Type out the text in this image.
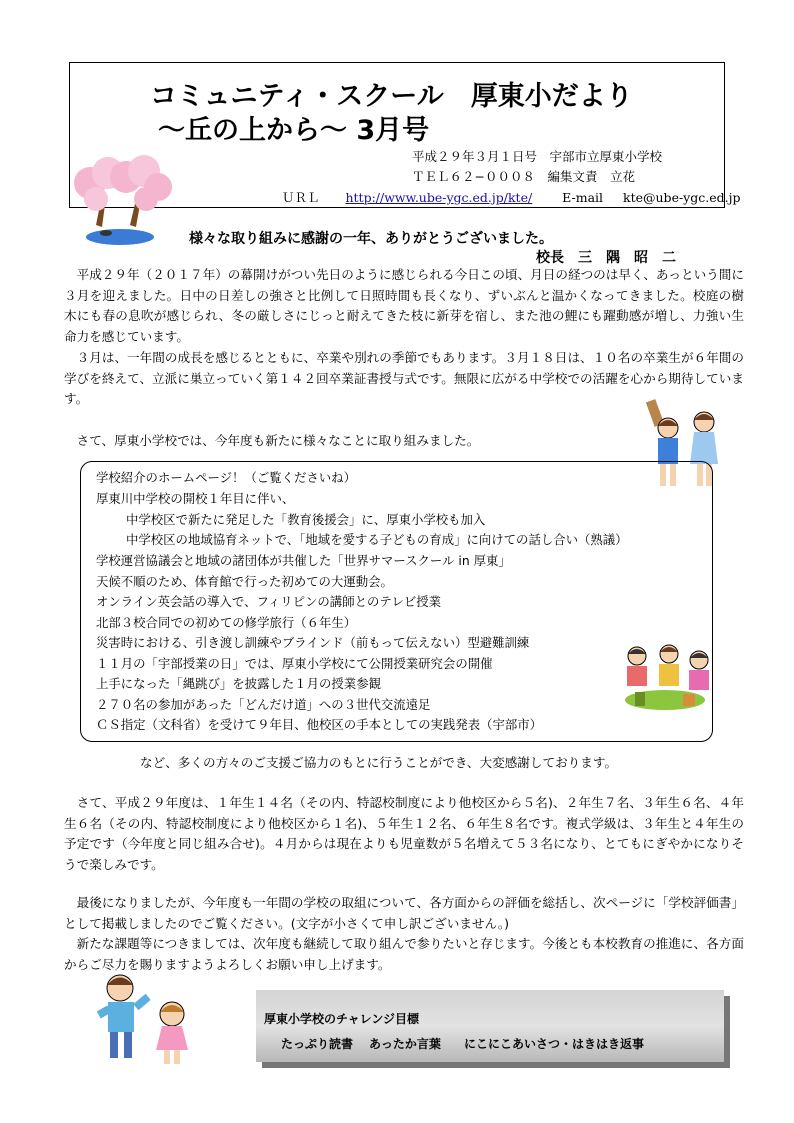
コミュニティ・スクール　厚東小だより
〜丘の上から〜 3月号
平成２９年３月１日号　宇部市立厚東小学校
ＴＥＬ６２−０００８　編集文責　立花
ＵＲＬ http://www.ube-ygc.ed.jp/kte/ E-mail kte@ube-ygc.ed.jp
様々な取り組みに感謝の一年、ありがとうございました。
校長　三　隅　昭　二
　平成２９年（２０１７年）の幕開けがつい先日のように感じられる今日この頃、月日の経つのは早く、あっという間に３月を迎えました。日中の日差しの強さと比例して日照時間も長くなり、ずいぶんと温かくなってきました。校庭の樹木にも春の息吹が感じられ、冬の厳しさにじっと耐えてきた枝に新芽を宿し、また池の鯉にも躍動感が増し、力強い生命力を感じています。
　３月は、一年間の成長を感じるとともに、卒業や別れの季節でもあります。３月１８日は、１０名の卒業生が６年間の学びを終えて、立派に巣立っていく第１４２回卒業証書授与式です。無限に広がる中学校での活躍を心から期待しています。
　さて、厚東小学校では、今年度も新たに様々なことに取り組みました。
学校紹介のホームページ！（ご覧くださいね）
厚東川中学校の開校１年目に伴い、
中学校区で新たに発足した「教育後援会」に、厚東小学校も加入
中学校区の地域協育ネットで、「地域を愛する子どもの育成」に向けての話し合い（熟議）
学校運営協議会と地域の諸団体が共催した「世界サマースクール in 厚東」
天候不順のため、体育館で行った初めての大運動会。
オンライン英会話の導入で、フィリピンの講師とのテレビ授業
北部３校合同での初めての修学旅行（６年生）
災害時における、引き渡し訓練やブラインド（前もって伝えない）型避難訓練
１１月の「宇部授業の日」では、厚東小学校にて公開授業研究会の開催
上手になった「縄跳び」を披露した１月の授業参観
２７０名の参加があった「どんだけ道」への３世代交流遠足
ＣＳ指定（文科省）を受けて９年目、他校区の手本としての実践発表（宇部市）
など、多くの方々のご支援ご協力のもとに行うことができ、大変感謝しております。
　さて、平成２９年度は、１年生１４名（その内、特認校制度により他校区から５名)、２年生７名、３年生６名、４年生６名（その内、特認校制度により他校区から１名)、５年生１２名、６年生８名です。複式学級は、３年生と４年生の予定です（今年度と同じ組み合せ)。４月からは現在よりも児童数が５名増えて５３名になり、とてもにぎやかになりそうで楽しみです。
　最後になりましたが、今年度も一年間の学校の取組について、各方面からの評価を総括し、次ページに「学校評価書」として掲載しましたのでご覧ください。(文字が小さくて申し訳ございません。)
　新たな課題等につきましては、次年度も継続して取り組んで参りたいと存じます。今後とも本校教育の推進に、各方面からご尽力を賜りますようよろしくお願い申し上げます。
厚東小学校のチャレンジ目標
たっぷり読書 あったか言葉 にこにこあいさつ・はきはき返事
